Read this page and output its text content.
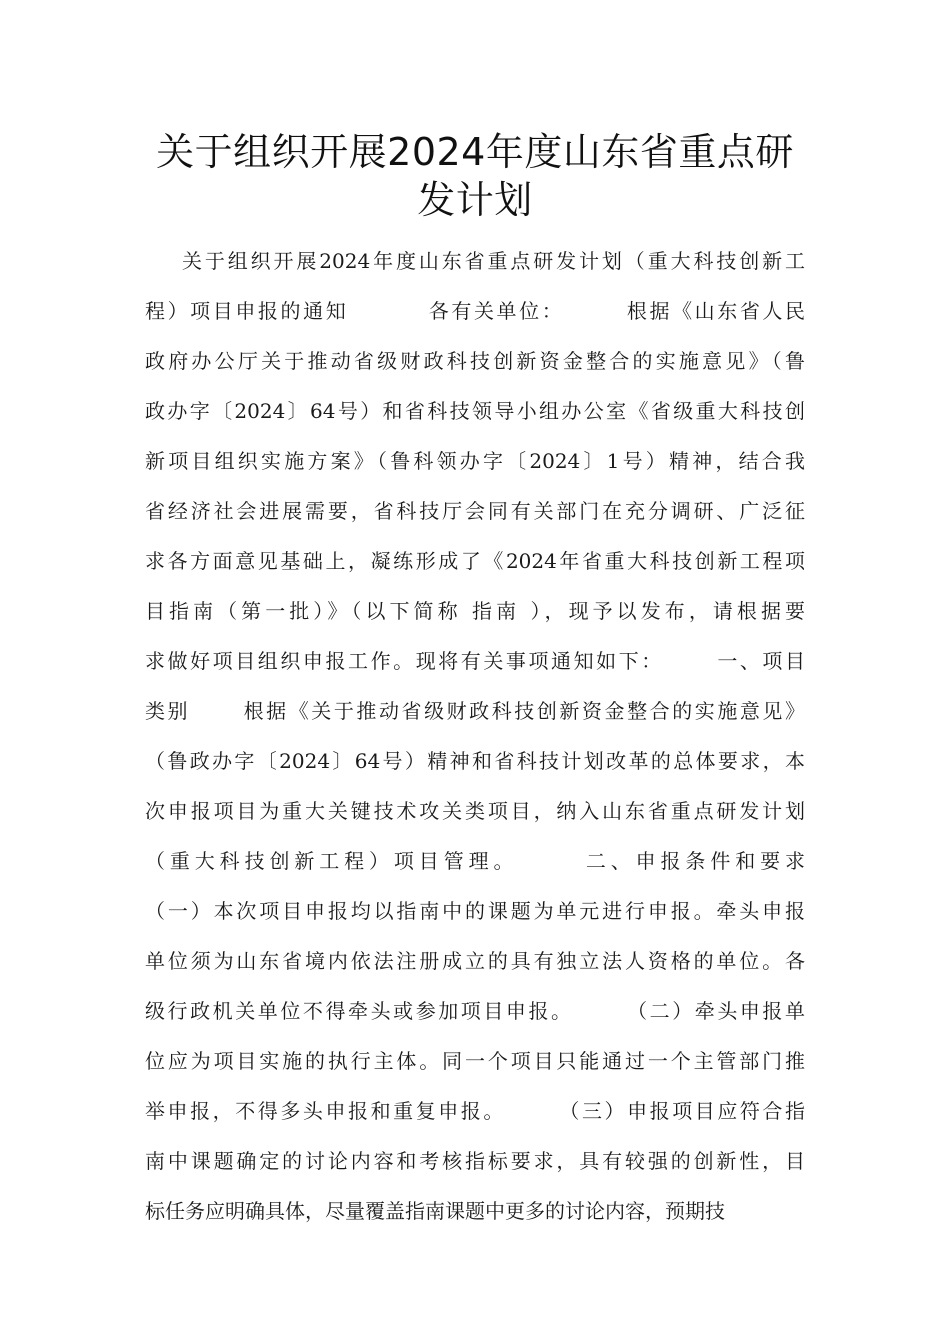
关于组织开展2024年度山东省重点研
发计划
关于组织开展2024年度山东省重点研发计划（重大科技创新工
程）项目申报的通知         各有关单位：       根据《山东省人民
政府办公厅关于推动省级财政科技创新资金整合的实施意见》（鲁
政办字〔2024〕64号）和省科技领导小组办公室《省级重大科技创
新项目组织实施方案》（鲁科领办字〔2024〕1号）精神，结合我
省经济社会进展需要，省科技厅会同有关部门在充分调研、广泛征
求各方面意见基础上，凝练形成了《2024年省重大科技创新工程项
目指南（第一批）》（以下简称 指南 ），现予以发布，请根据要
求做好项目组织申报工作。现将有关事项通知如下：      一、项目
类别      根据《关于推动省级财政科技创新资金整合的实施意见》
（鲁政办字〔2024〕64号）精神和省科技计划改革的总体要求，本
次申报项目为重大关键技术攻关类项目，纳入山东省重点研发计划
（重大科技创新工程）项目管理。      二、申报条件和要求
（一）本次项目申报均以指南中的课题为单元进行申报。牵头申报
单位须为山东省境内依法注册成立的具有独立法人资格的单位。各
级行政机关单位不得牵头或参加项目申报。      （二）牵头申报单
位应为项目实施的执行主体。同一个项目只能通过一个主管部门推
举申报，不得多头申报和重复申报。      （三）申报项目应符合指
南中课题确定的讨论内容和考核指标要求，具有较强的创新性，目
标任务应明确具体，尽量覆盖指南课题中更多的讨论内容，预期技
